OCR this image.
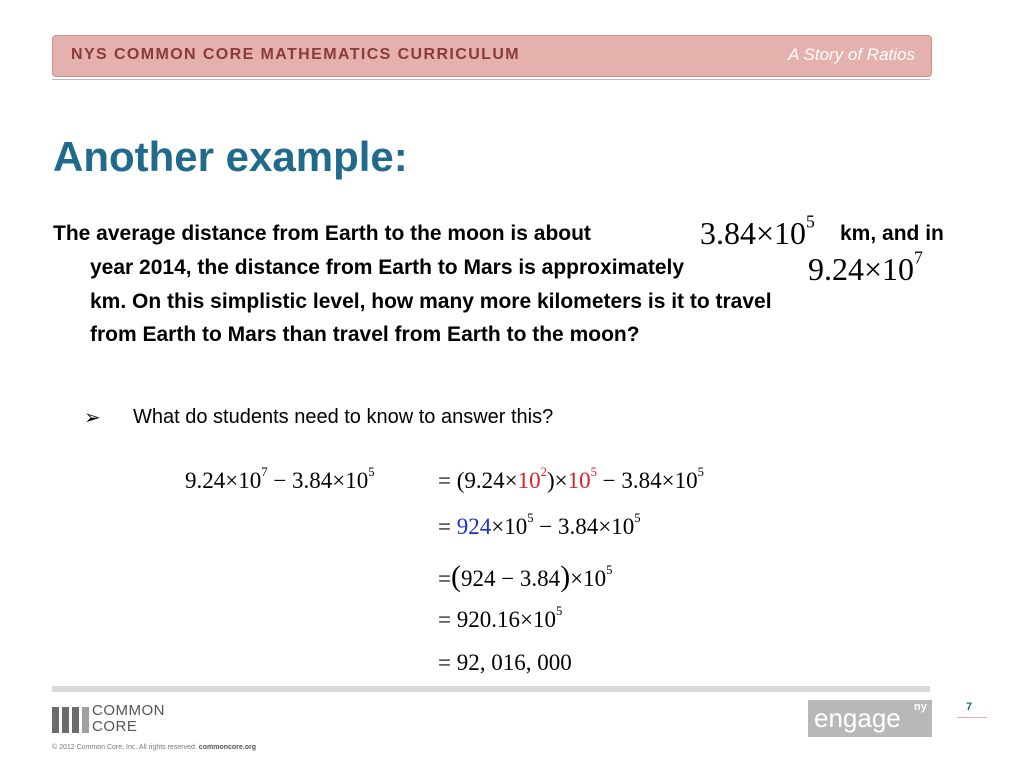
NYS COMMON CORE MATHEMATICS CURRICULUM	A Story of Ratios
Another example:
The average distance from Earth to the moon is about	$3.84\times 10^5$
km, and in
year 2014, the distance from Earth to Mars is approximately	$9.24\times 10^7$
km. On this simplistic level, how many more kilometers is it to travel
from Earth to Mars than travel from Earth to the moon?
➢ What do students need to know to answer this?
$9.24\times 10^7 - 3.84\times 10^5$	= $(9.24\times 10^2)\times 10^5 - 3.84\times 10^5$
= $924\times 10^5 - 3.84\times 10^5$
$=(924 - 3.84)\times 10^5$
= $920.16\times 10^5$
= 92, 016, 000
COMMON
CORE
© 2012 Common Core, Inc. All rights reserved. commoncore.org
engage ny	7
